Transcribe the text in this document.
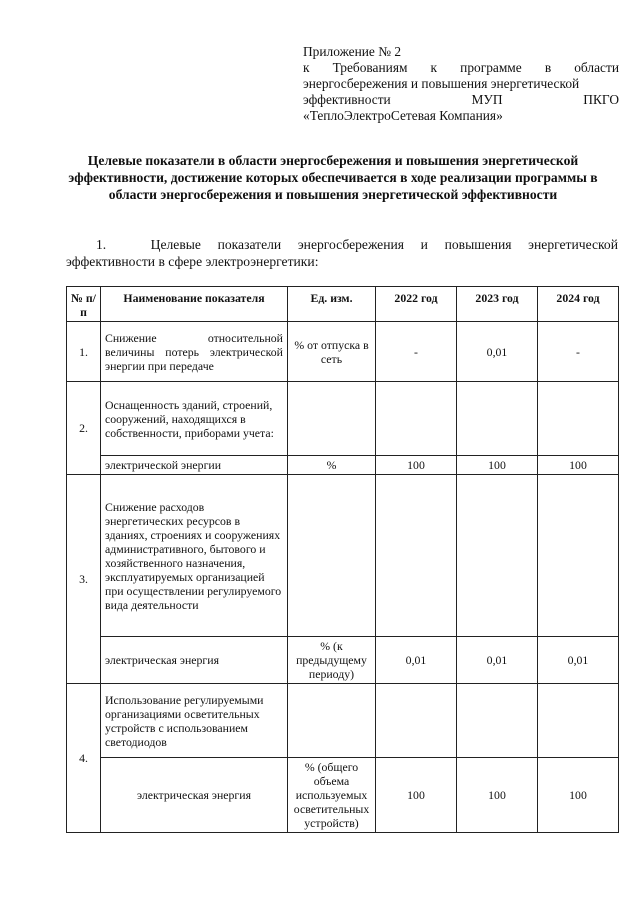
Приложение № 2
к Требованиям к программе в области
энергосбережения и повышения энергетической
эффективности МУП ПКГО
«ТеплоЭлектроСетевая Компания»
Целевые показатели в области энергосбережения и повышения энергетической эффективности, достижение которых обеспечивается в ходе реализации программы в области энергосбережения и повышения энергетической эффективности
1.	Целевые показатели энергосбережения и повышения энергетической эффективности в сфере электроэнергетики:
№ п/п	Наименование показателя	Ед. изм.	2022 год	2023 год	2024 год
1.	Снижение относительной величины потерь электрической энергии при передаче	% от отпуска в сеть	-	0,01	-
2.	Оснащенность зданий, строений, сооружений, находящихся в собственности, приборами учета:				
	электрической энергии	%	100	100	100
3.	Снижение расходов энергетических ресурсов в зданиях, строениях и сооружениях административного, бытового и хозяйственного назначения, эксплуатируемых организацией при осуществлении регулируемого вида деятельности				
	электрическая энергия	% (к предыдущему периоду)	0,01	0,01	0,01
4.	Использование регулируемыми организациями осветительных устройств с использованием светодиодов				
	электрическая энергия	% (общего объема используемых осветительных устройств)	100	100	100
